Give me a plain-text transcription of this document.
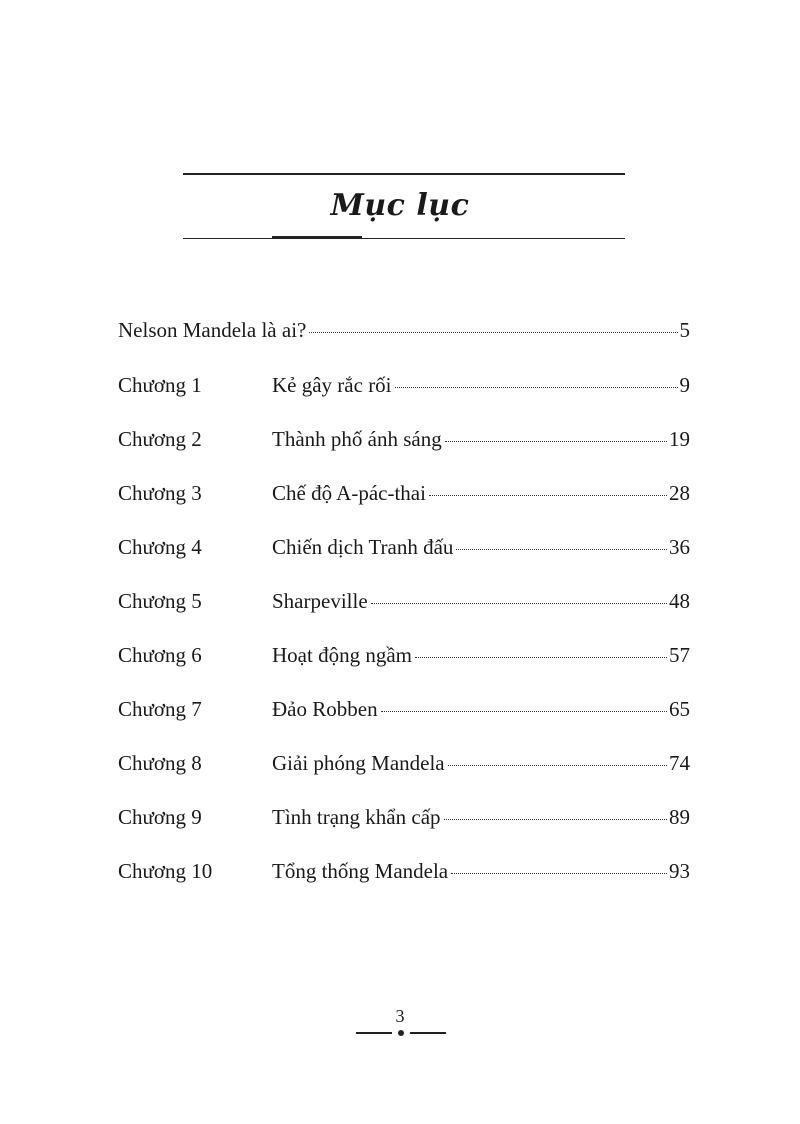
Mục lục
Nelson Mandela là ai?	5
Chương 1	Kẻ gây rắc rối	9
Chương 2	Thành phố ánh sáng	19
Chương 3	Chế độ A-pác-thai	28
Chương 4	Chiến dịch Tranh đấu	36
Chương 5	Sharpeville	48
Chương 6	Hoạt động ngầm	57
Chương 7	Đảo Robben	65
Chương 8	Giải phóng Mandela	74
Chương 9	Tình trạng khẩn cấp	89
Chương 10	Tổng thống Mandela	93
3
